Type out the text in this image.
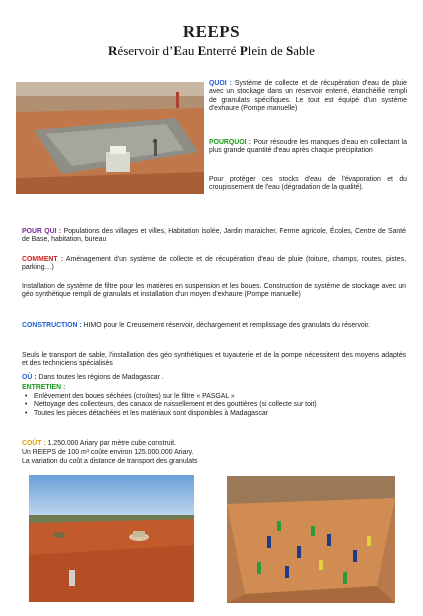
REEPS
Réservoir d’Eau Enterré Plein de Sable
QUOI : Système de collecte et de récupération d'eau de pluie avec un stockage dans un réservoir enterré, étanchéifié rempli de granulats spécifiques. Le tout est équipé d'un système d'exhaure (Pompe manuelle)
POURQUOI : Pour résoudre les manques d'eau en collectant la plus grande quantité d'eau après chaque précipitation
Pour protéger ces stocks d'eau de l'évaporation et du croupissement de l'eau (dégradation de la qualité).
POUR QUI : Populations des villages et villes, Habitation isolée, Jardin maraicher, Ferme agricole, Écoles, Centre de Santé de Base, habitation, bureau
COMMENT : Aménagement d'un système de collecte et de récupération d'eau de pluie (toiture, champs, routes, pistes, parking…)
Installation de système de filtre pour les matières en suspension et les boues. Construction de système de stockage avec un géo synthétique rempli de granulats et installation d'un moyen d'exhaure (Pompe manuelle)
CONSTRUCTION : HIMO pour le Creusement réservoir, déchargement et remplissage des granulats du réservoir.
Seuls le transport de sable, l'installation des géo synthétiques et tuyauterie et de la pompe nécessitent des moyens adaptés et des techniciens spécialisés
OÙ : Dans toutes les régions de Madagascar .
ENTRETIEN :
• Enlèvement des boues séchées (croûtes) sur le filtre « PASGAL »
• Nettoyage des collecteurs, des canaux de ruissellement et des gouttières (si collecte sur toit)
• Toutes les pièces détachées et les matériaux sont disponibles à Madagascar
COÛT : 1.250.000 Ariary par mètre cube construit.
Un REEPS de 100 m³ coûte environ 125.000.000 Ariary.
La variation du coût a distance de transport des granulats
